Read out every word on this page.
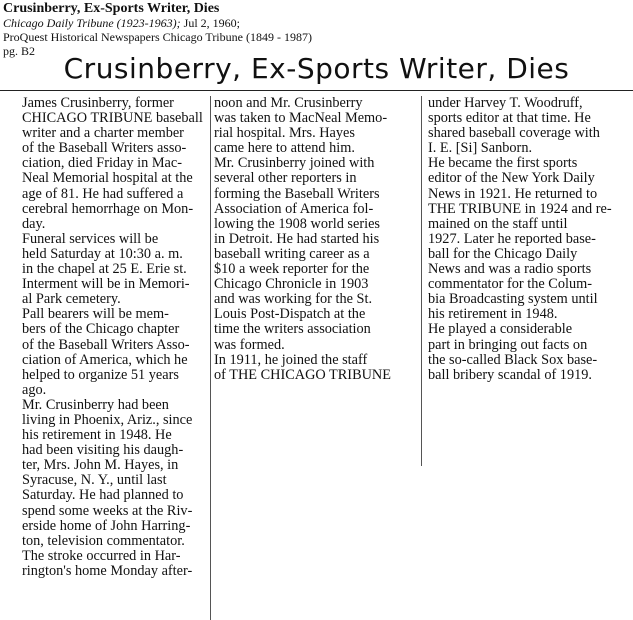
Crusinberry, Ex-Sports Writer, Dies
Chicago Daily Tribune (1923-1963); Jul 2, 1960;
ProQuest Historical Newspapers Chicago Tribune (1849 - 1987)
pg. B2
Crusinberry, Ex-Sports Writer, Dies
James Crusinberry, former
CHICAGO TRIBUNE baseball
writer and a charter member
of the Baseball Writers asso-
ciation, died Friday in Mac-
Neal Memorial hospital at the
age of 81. He had suffered a
cerebral hemorrhage on Mon-
day.
Funeral services will be
held Saturday at 10:30 a. m.
in the chapel at 25 E. Erie st.
Interment will be in Memori-
al Park cemetery.
Pall bearers will be mem-
bers of the Chicago chapter
of the Baseball Writers Asso-
ciation of America, which he
helped to organize 51 years
ago.
Mr. Crusinberry had been
living in Phoenix, Ariz., since
his retirement in 1948. He
had been visiting his daugh-
ter, Mrs. John M. Hayes, in
Syracuse, N. Y., until last
Saturday. He had planned to
spend some weeks at the Riv-
erside home of John Harring-
ton, television commentator.
The stroke occurred in Har-
rington's home Monday after-
noon and Mr. Crusinberry
was taken to MacNeal Memo-
rial hospital. Mrs. Hayes
came here to attend him.
Mr. Crusinberry joined with
several other reporters in
forming the Baseball Writers
Association of America fol-
lowing the 1908 world series
in Detroit. He had started his
baseball writing career as a
$10 a week reporter for the
Chicago Chronicle in 1903
and was working for the St.
Louis Post-Dispatch at the
time the writers association
was formed.
In 1911, he joined the staff
of THE CHICAGO TRIBUNE
under Harvey T. Woodruff,
sports editor at that time. He
shared baseball coverage with
I. E. [Si] Sanborn.
He became the first sports
editor of the New York Daily
News in 1921. He returned to
THE TRIBUNE in 1924 and re-
mained on the staff until
1927. Later he reported base-
ball for the Chicago Daily
News and was a radio sports
commentator for the Colum-
bia Broadcasting system until
his retirement in 1948.
He played a considerable
part in bringing out facts on
the so-called Black Sox base-
ball bribery scandal of 1919.
